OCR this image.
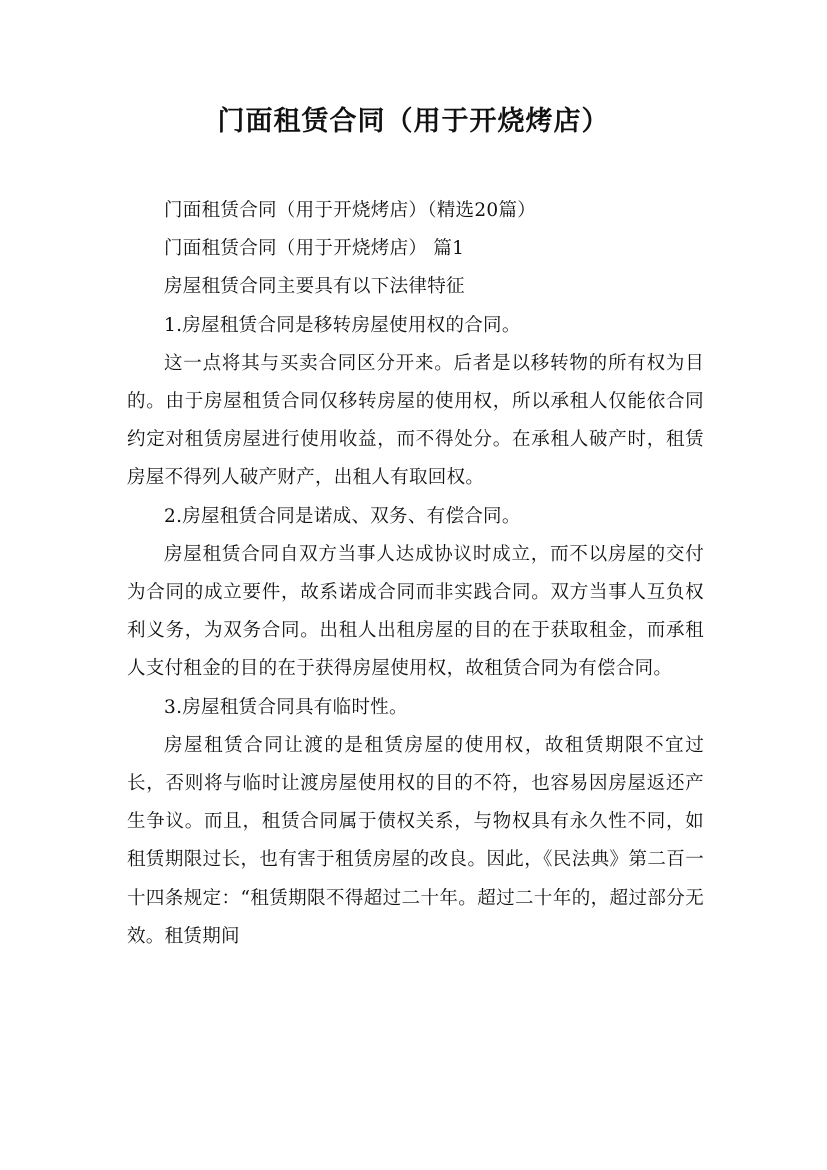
门面租赁合同（用于开烧烤店）

门面租赁合同（用于开烧烤店）（精选20篇）

门面租赁合同（用于开烧烤店） 篇1

房屋租赁合同主要具有以下法律特征

1.房屋租赁合同是移转房屋使用权的合同。

这一点将其与买卖合同区分开来。后者是以移转物的所有权为目的。由于房屋租赁合同仅移转房屋的使用权，所以承租人仅能依合同约定对租赁房屋进行使用收益，而不得处分。在承租人破产时，租赁房屋不得列人破产财产，出租人有取回权。

2.房屋租赁合同是诺成、双务、有偿合同。

房屋租赁合同自双方当事人达成协议时成立，而不以房屋的交付为合同的成立要件，故系诺成合同而非实践合同。双方当事人互负权利义务，为双务合同。出租人出租房屋的目的在于获取租金，而承租人支付租金的目的在于获得房屋使用权，故租赁合同为有偿合同。

3.房屋租赁合同具有临时性。

房屋租赁合同让渡的是租赁房屋的使用权，故租赁期限不宜过长，否则将与临时让渡房屋使用权的目的不符，也容易因房屋返还产生争议。而且，租赁合同属于债权关系，与物权具有永久性不同，如租赁期限过长，也有害于租赁房屋的改良。因此，《民法典》第二百一十四条规定：“租赁期限不得超过二十年。超过二十年的，超过部分无效。租赁期间
